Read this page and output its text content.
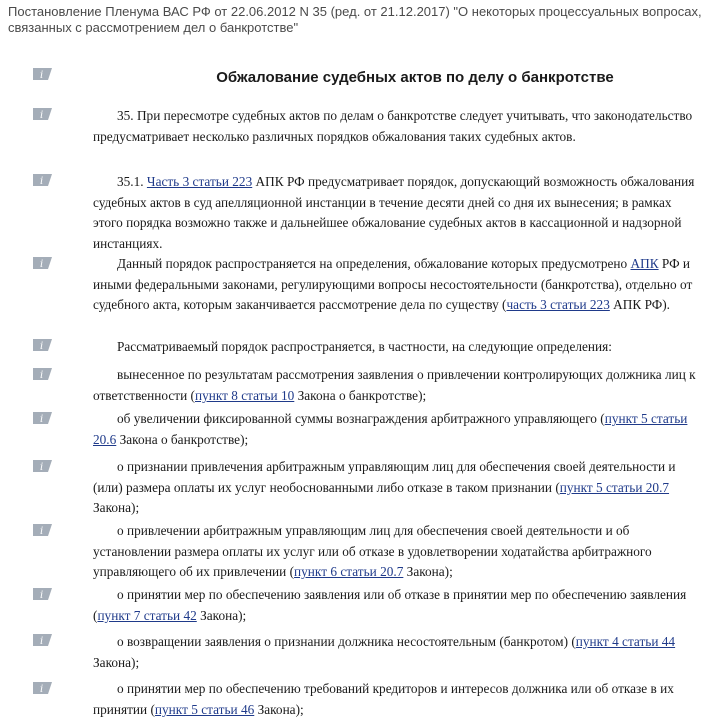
Постановление Пленума ВАС РФ от 22.06.2012 N 35 (ред. от 21.12.2017) "О некоторых процессуальных вопросах, связанных с рассмотрением дел о банкротстве"
i
i
i
i
i
i
i
i
i
i
i
i
Обжалование судебных актов по делу о банкротстве
35. При пересмотре судебных актов по делам о банкротстве следует учитывать, что законодательство предусматривает несколько различных порядков обжалования таких судебных актов.
35.1. Часть 3 статьи 223 АПК РФ предусматривает порядок, допускающий возможность обжалования судебных актов в суд апелляционной инстанции в течение десяти дней со дня их вынесения; в рамках этого порядка возможно также и дальнейшее обжалование судебных актов в кассационной и надзорной инстанциях.
Данный порядок распространяется на определения, обжалование которых предусмотрено АПК РФ и иными федеральными законами, регулирующими вопросы несостоятельности (банкротства), отдельно от судебного акта, которым заканчивается рассмотрение дела по существу (часть 3 статьи 223 АПК РФ).
Рассматриваемый порядок распространяется, в частности, на следующие определения:
вынесенное по результатам рассмотрения заявления о привлечении контролирующих должника лиц к ответственности (пункт 8 статьи 10 Закона о банкротстве);
об увеличении фиксированной суммы вознаграждения арбитражного управляющего (пункт 5 статьи 20.6 Закона о банкротстве);
о признании привлечения арбитражным управляющим лиц для обеспечения своей деятельности и (или) размера оплаты их услуг необоснованными либо отказе в таком признании (пункт 5 статьи 20.7 Закона);
о привлечении арбитражным управляющим лиц для обеспечения своей деятельности и об установлении размера оплаты их услуг или об отказе в удовлетворении ходатайства арбитражного управляющего об их привлечении (пункт 6 статьи 20.7 Закона);
о принятии мер по обеспечению заявления или об отказе в принятии мер по обеспечению заявления (пункт 7 статьи 42 Закона);
о возвращении заявления о признании должника несостоятельным (банкротом) (пункт 4 статьи 44 Закона);
о принятии мер по обеспечению требований кредиторов и интересов должника или об отказе в их принятии (пункт 5 статьи 46 Закона);
